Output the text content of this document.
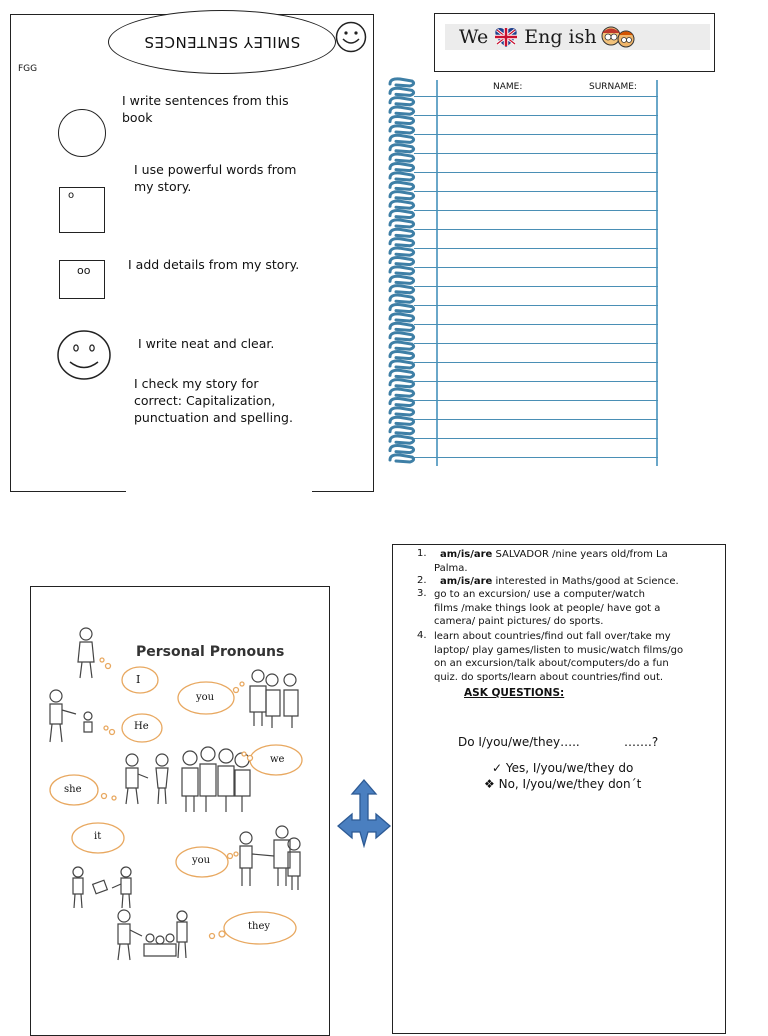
SMILEY SENTENCES
FGG
I write sentences from this
book
o
I use powerful words from
my story.
oo	I add details from my story.
I write neat and clear.
I check my story for
correct: Capitalization,
punctuation and spelling.
We Eng ish
NAME:	SURNAME:
Personal Pronouns
I
you
He
she
we
it
you
they
1.	am/is/are SALVADOR /nine years old/from La
Palma.
2.	am/is/are interested in Maths/good at Science.
3. go to an excursion/ use a computer/watch
films /make things look at people/ have got a
camera/ paint pictures/ do sports.
4. learn about countries/find out fall over/take my
laptop/ play games/listen to music/watch films/go
on an excursion/talk about/computers/do a fun
quiz. do sports/learn about countries/find out.
ASK QUESTIONS:
Do I/you/we/they…..	…….?
✓ Yes, I/you/we/they do
❖ No, I/you/we/they don´t
